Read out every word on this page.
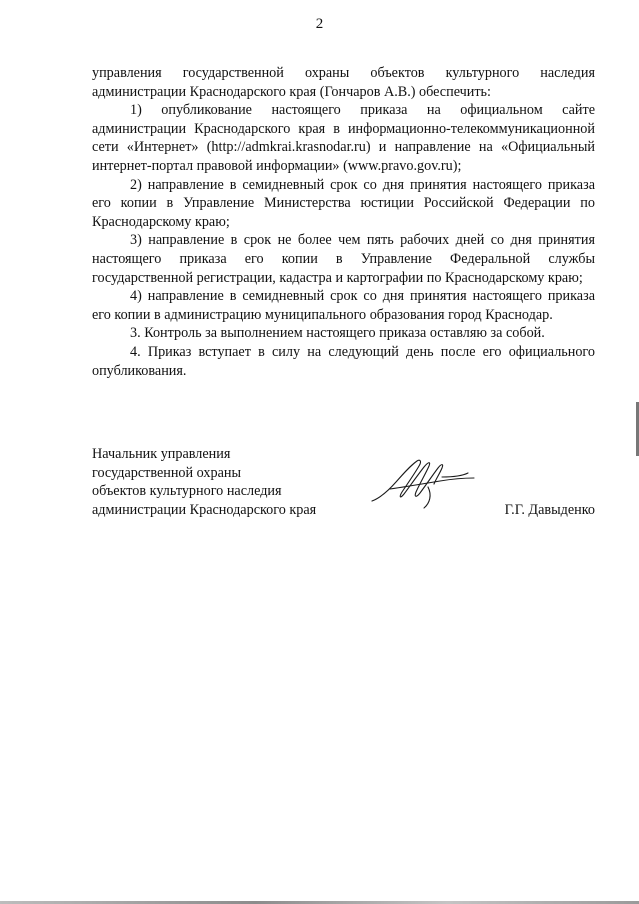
2

управления государственной охраны объектов культурного наследия администрации Краснодарского края (Гончаров А.В.) обеспечить:

1) опубликование настоящего приказа на официальном сайте администрации Краснодарского края в информационно-телекоммуникационной сети «Интернет» (http://admkrai.krasnodar.ru) и направление на «Официальный интернет-портал правовой информации» (www.pravo.gov.ru);

2) направление в семидневный срок со дня принятия настоящего приказа его копии в Управление Министерства юстиции Российской Федерации по Краснодарскому краю;

3) направление в срок не более чем пять рабочих дней со дня принятия настоящего приказа его копии в Управление Федеральной службы государственной регистрации, кадастра и картографии по Краснодарскому краю;

4) направление в семидневный срок со дня принятия настоящего приказа его копии в администрацию муниципального образования город Краснодар.

3. Контроль за выполнением настоящего приказа оставляю за собой.

4. Приказ вступает в силу на следующий день после его официального опубликования.

Начальник управления
государственной охраны
объектов культурного наследия
администрации Краснодарского края	Г.Г. Давыденко
